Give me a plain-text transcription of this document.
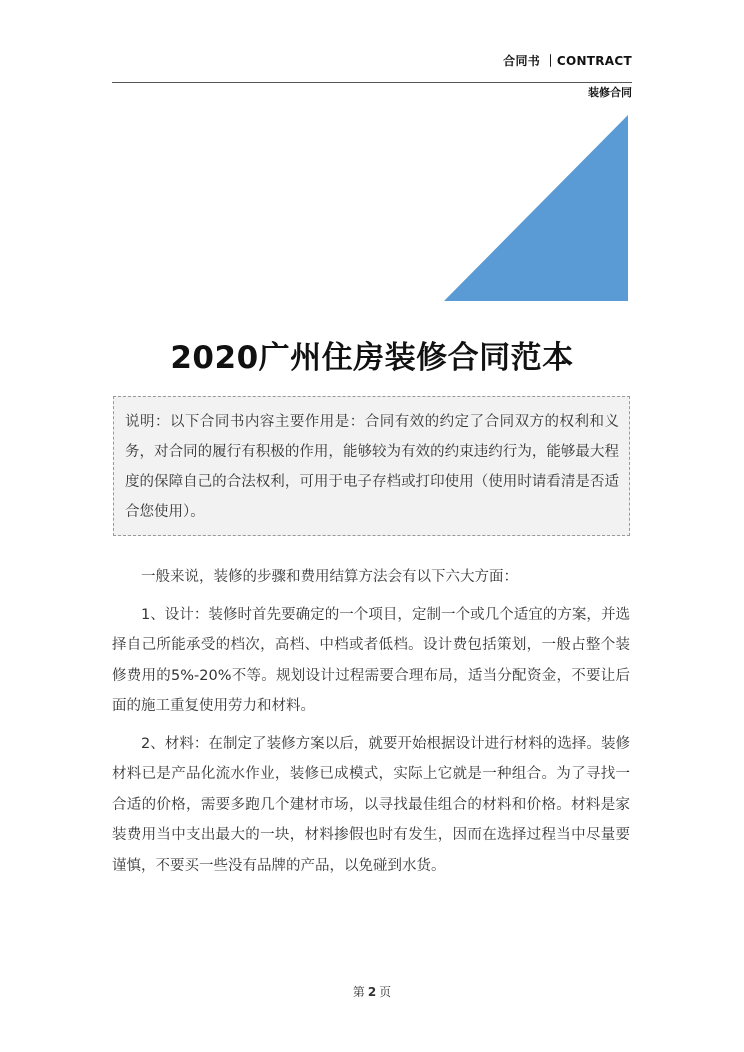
合同书 ｜CONTRACT
装修合同
2020广州住房装修合同范本
说明：以下合同书内容主要作用是：合同有效的约定了合同双方的权利和义务，对合同的履行有积极的作用，能够较为有效的约束违约行为，能够最大程度的保障自己的合法权利，可用于电子存档或打印使用（使用时请看清是否适合您使用）。

一般来说，装修的步骤和费用结算方法会有以下六大方面：

1、设计：装修时首先要确定的一个项目，定制一个或几个适宜的方案，并选择自己所能承受的档次，高档、中档或者低档。设计费包括策划，一般占整个装修费用的5%-20%不等。规划设计过程需要合理布局，适当分配资金，不要让后面的施工重复使用劳力和材料。

2、材料：在制定了装修方案以后，就要开始根据设计进行材料的选择。装修材料已是产品化流水作业，装修已成模式，实际上它就是一种组合。为了寻找一合适的价格，需要多跑几个建材市场，以寻找最佳组合的材料和价格。材料是家装费用当中支出最大的一块，材料掺假也时有发生，因而在选择过程当中尽量要谨慎，不要买一些没有品牌的产品，以免碰到水货。

第 2 页
